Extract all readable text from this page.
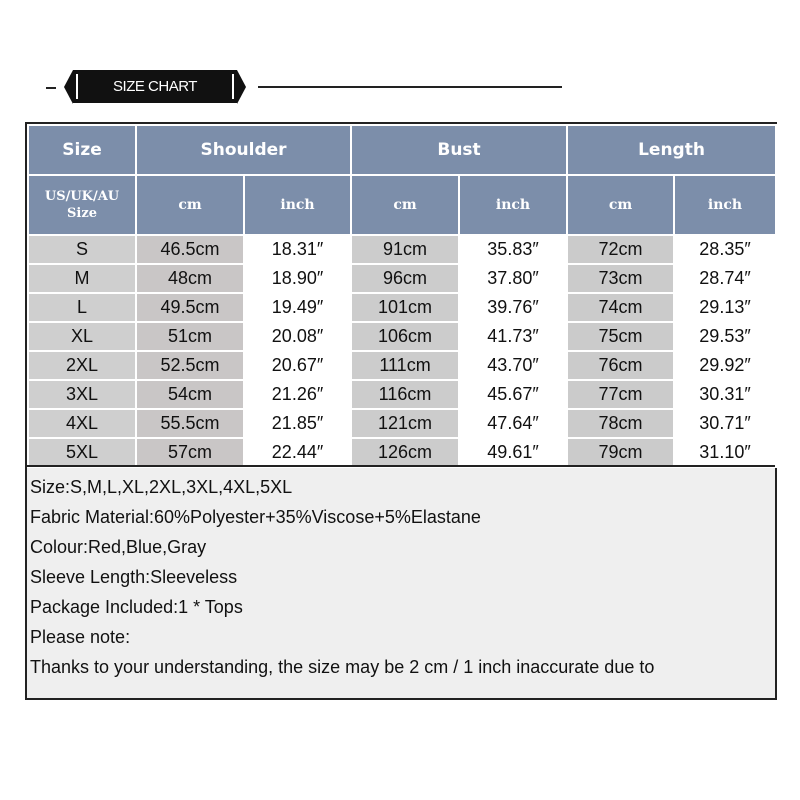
SIZE CHART
Size	Shoulder		Bust		Length	
US/UK/AU
Size	cm	inch	cm	inch	cm	inch
S	46.5cm	18.31″	91cm	35.83″	72cm	28.35″
M	48cm	18.90″	96cm	37.80″	73cm	28.74″
L	49.5cm	19.49″	101cm	39.76″	74cm	29.13″
XL	51cm	20.08″	106cm	41.73″	75cm	29.53″
2XL	52.5cm	20.67″	111cm	43.70″	76cm	29.92″
3XL	54cm	21.26″	116cm	45.67″	77cm	30.31″
4XL	55.5cm	21.85″	121cm	47.64″	78cm	30.71″
5XL	57cm	22.44″	126cm	49.61″	79cm	31.10″
Size:S,M,L,XL,2XL,3XL,4XL,5XL
Fabric Material:60%Polyester+35%Viscose+5%Elastane
Colour:Red,Blue,Gray
Sleeve Length:Sleeveless
Package Included:1 * Tops
Please note:
Thanks to your understanding, the size may be 2 cm / 1 inch inaccurate due to
